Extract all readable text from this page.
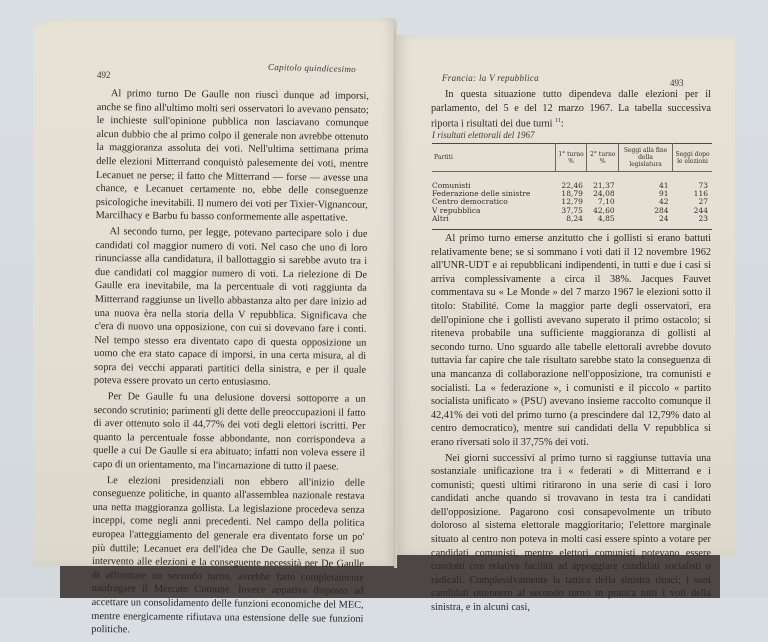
492
Capitolo quindicesimo

Al primo turno De Gaulle non riuscì dunque ad imporsi, anche se fino all'ultimo molti seri osservatori lo avevano pensato; le inchieste sull'opinione pubblica non lasciavano comunque alcun dubbio che al primo colpo il generale non avrebbe ottenuto la maggioranza assoluta dei voti. Nell'ultima settimana prima delle elezioni Mitterrand conquistò palesemente dei voti, mentre Lecanuet ne perse; il fatto che Mitterrand — forse — avesse una chance, e Lecanuet certamente no, ebbe delle conseguenze psicologiche inevitabili. Il numero dei voti per Tixier-Vignancour, Marcilhacy e Barbu fu basso conformemente alle aspettative.

Al secondo turno, per legge, potevano partecipare solo i due candidati col maggior numero di voti. Nel caso che uno di loro rinunciasse alla candidatura, il ballottaggio si sarebbe avuto tra i due candidati col maggior numero di voti. La rielezione di De Gaulle era inevitabile, ma la percentuale di voti raggiunta da Mitterrand raggiunse un livello abbastanza alto per dare inizio ad una nuova èra nella storia della V repubblica. Significava che c'era di nuovo una opposizione, con cui si dovevano fare i conti. Nel tempo stesso era diventato capo di questa opposizione un uomo che era stato capace di imporsi, in una certa misura, al di sopra dei vecchi apparati partitici della sinistra, e per il quale poteva essere provato un certo entusiasmo.

Per De Gaulle fu una delusione doversi sottoporre a un secondo scrutinio; parimenti gli dette delle preoccupazioni il fatto di aver ottenuto solo il 44,77% dei voti degli elettori iscritti. Per quanto la percentuale fosse abbondante, non corrispondeva a quelle a cui De Gaulle si era abituato; infatti non voleva essere il capo di un orientamento, ma l'incarnazione di tutto il paese.

Le elezioni presidenziali non ebbero all'inizio delle conseguenze politiche, in quanto all'assemblea nazionale restava una netta maggioranza gollista. La legislazione procedeva senza inceppi, come negli anni precedenti. Nel campo della politica europea l'atteggiamento del generale era diventato forse un po' più duttile; Lecanuet era dell'idea che De Gaulle, senza il suo intervento alle elezioni e la conseguente necessità per De Gaulle di affrontare un secondo turno, avrebbe fatto completamente naufragare il Mercato Comune. Invece appariva disposto ad accettare un consolidamento delle funzioni economiche del MEC, mentre energicamente rifiutava una estensione delle sue funzioni politiche.

Francia: la V repubblica	493

In questa situazione tutto dipendeva dalle elezioni per il parlamento, del 5 e del 12 marzo 1967. La tabella successiva riporta i risultati dei due turni $^{11}$:

I risultati elettorali del 1967
Partiti	1° turno %	2° turno %	Seggi alla fine della legislatura	Seggi dopo le elezioni

Comunisti	22,46	21,37	41	73
Federazione delle sinistre	18,79	24,08	91	116
Centro democratico	12,79	7,10	42	27
V repubblica	37,75	42,60	284	244
Altri	8,24	4,85	24	23

Al primo turno emerse anzitutto che i gollisti si erano battuti relativamente bene; se si sommano i voti dati il 12 novembre 1962 all'UNR-UDT e ai repubblicani indipendenti, in tutti e due i casi si arriva complessivamente a circa il 38%. Jacques Fauvet commentava su « Le Monde » del 7 marzo 1967 le elezioni sotto il titolo: Stabilité. Come la maggior parte degli osservatori, era dell'opinione che i gollisti avevano superato il primo ostacolo; si riteneva probabile una sufficiente maggioranza di gollisti al secondo turno. Uno sguardo alle tabelle elettorali avrebbe dovuto tuttavia far capire che tale risultato sarebbe stato la conseguenza di una mancanza di collaborazione nell'opposizione, tra comunisti e socialisti. La « federazione », i comunisti e il piccolo « partito socialista unificato » (PSU) avevano insieme raccolto comunque il 42,41% dei voti del primo turno (a prescindere dal 12,79% dato al centro democratico), mentre sui candidati della V repubblica si erano riversati solo il 37,75% dei voti.

Nei giorni successivi al primo turno si raggiunse tuttavia una sostanziale unificazione tra i « federati » di Mitterrand e i comunisti; questi ultimi ritirarono in una serie di casi i loro candidati anche quando si trovavano in testa tra i candidati dell'opposizione. Pagarono così consapevolmente un tributo doloroso al sistema elettorale maggioritario; l'elettore marginale situato al centro non poteva in molti casi essere spinto a votare per candidati comunisti, mentre elettori comunisti potevano essere condotti con relativa facilità ad appoggiare candidati socialisti o radicali. Complessivamente la tattica della sinistra riuscì; i suoi candidati ottennero al secondo turno in pratica tutti i voti della sinistra, e in alcuni casi,
